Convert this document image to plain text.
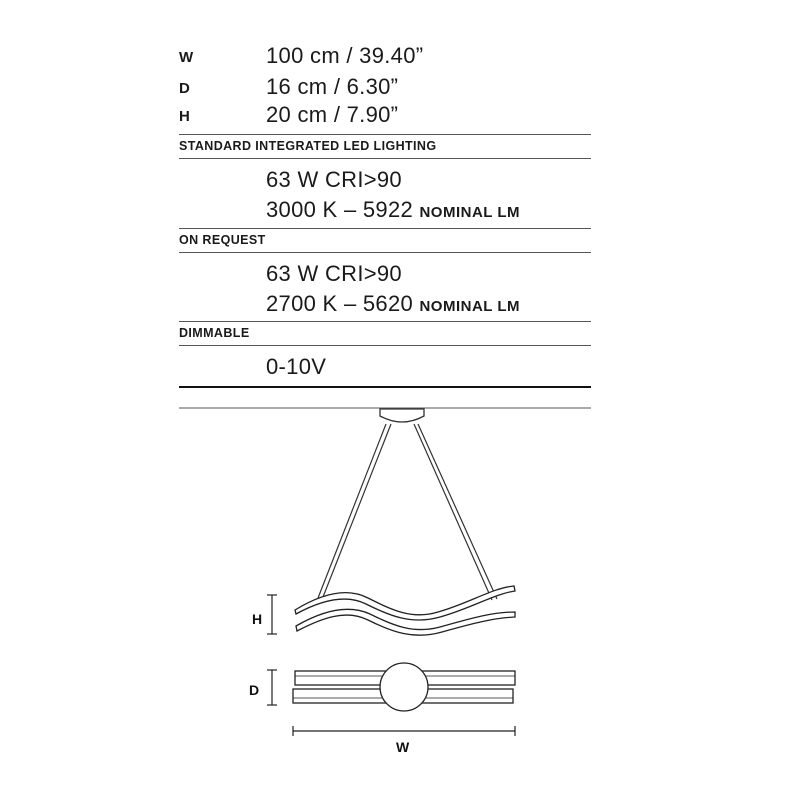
W	100 cm / 39.40”
D	16 cm / 6.30”
H	20 cm / 7.90”
STANDARD INTEGRATED LED LIGHTING
63 W CRI>90
3000 K – 5922 NOMINAL LM
ON REQUEST
63 W CRI>90
2700 K – 5620 NOMINAL LM
DIMMABLE
0-10V
H
D
W
